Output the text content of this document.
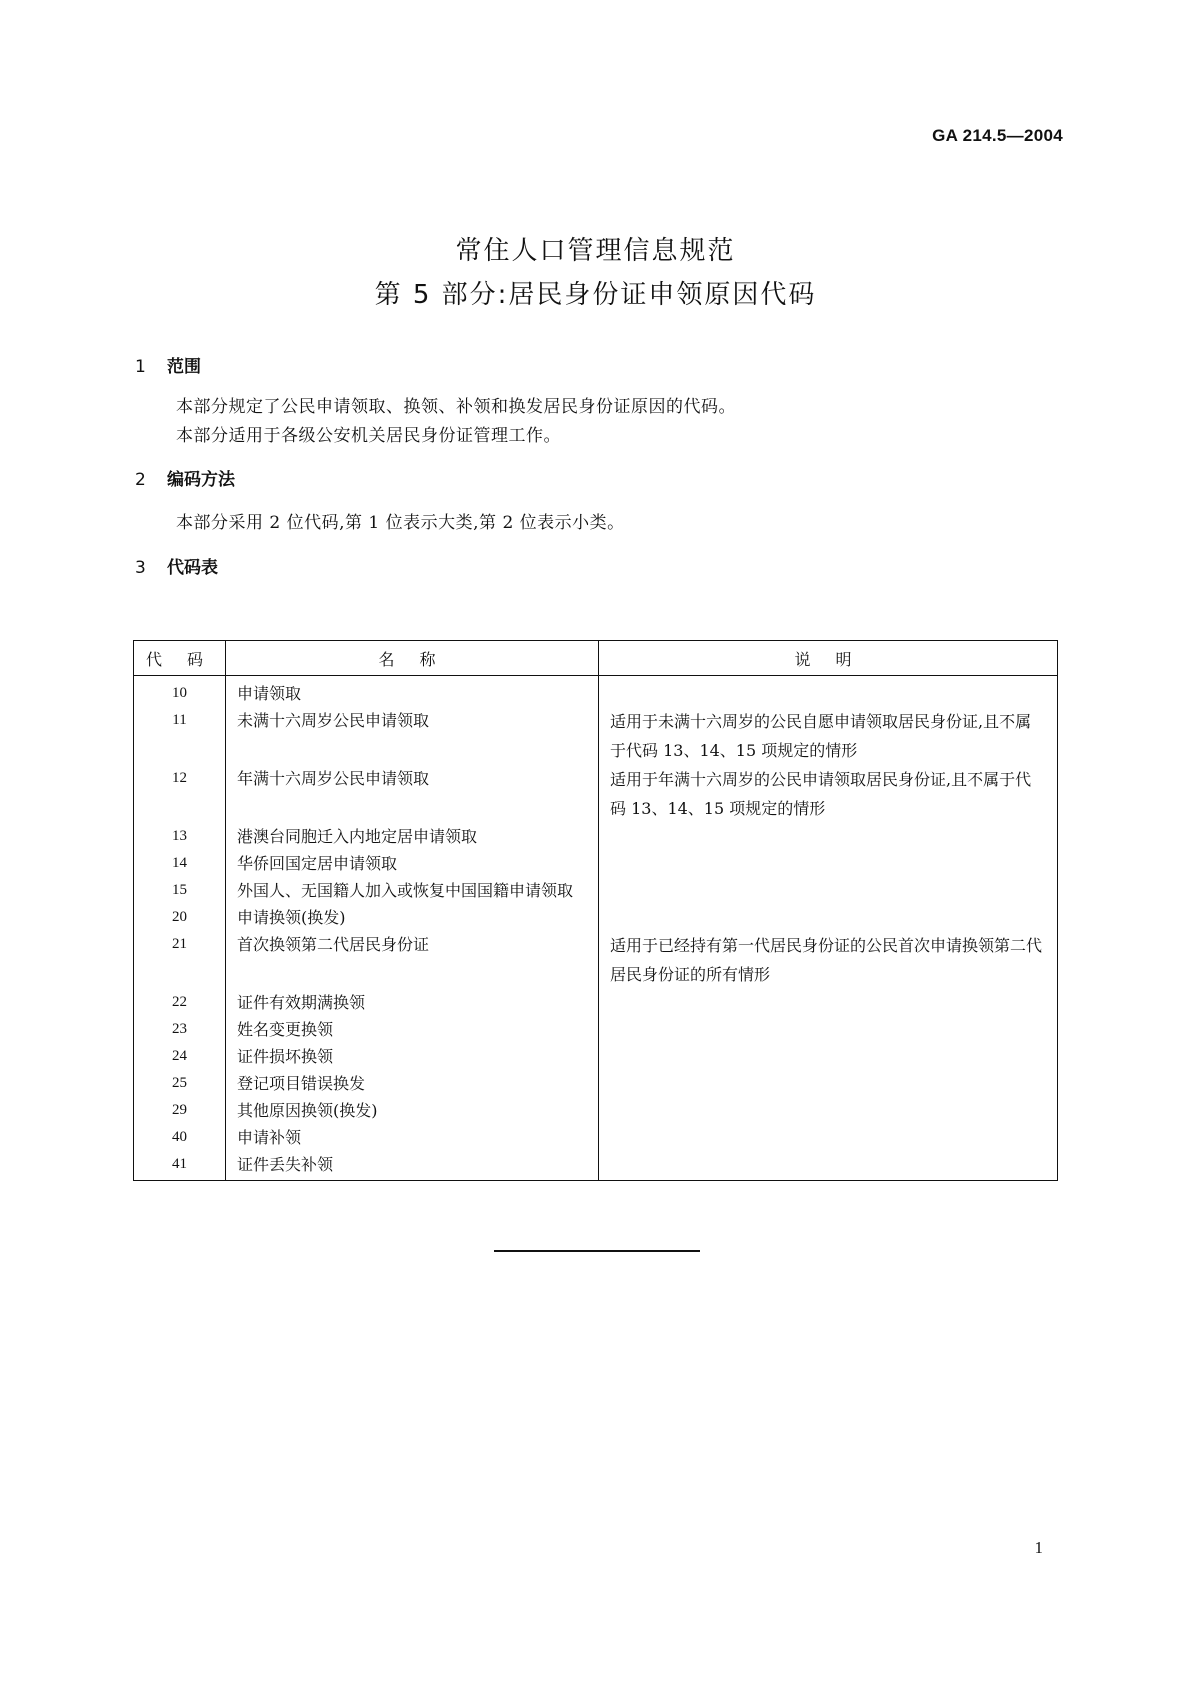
GA 214.5—2004
常住人口管理信息规范
第 5 部分:居民身份证申领原因代码
1 范围
本部分规定了公民申请领取、换领、补领和换发居民身份证原因的代码。
本部分适用于各级公安机关居民身份证管理工作。
2 编码方法
本部分采用 2 位代码,第 1 位表示大类,第 2 位表示小类。
3 代码表
代 码	名 称	说 明
10	申请领取	
11	未满十六周岁公民申请领取	适用于未满十六周岁的公民自愿申请领取居民身份证,且不属于代码 13、14、15 项规定的情形
12	年满十六周岁公民申请领取	适用于年满十六周岁的公民申请领取居民身份证,且不属于代码 13、14、15 项规定的情形
13	港澳台同胞迁入内地定居申请领取	
14	华侨回国定居申请领取	
15	外国人、无国籍人加入或恢复中国国籍申请领取	
20	申请换领(换发)	
21	首次换领第二代居民身份证	适用于已经持有第一代居民身份证的公民首次申请换领第二代居民身份证的所有情形
22	证件有效期满换领	
23	姓名变更换领	
24	证件损坏换领	
25	登记项目错误换发	
29	其他原因换领(换发)	
40	申请补领	
41	证件丢失补领	
1
